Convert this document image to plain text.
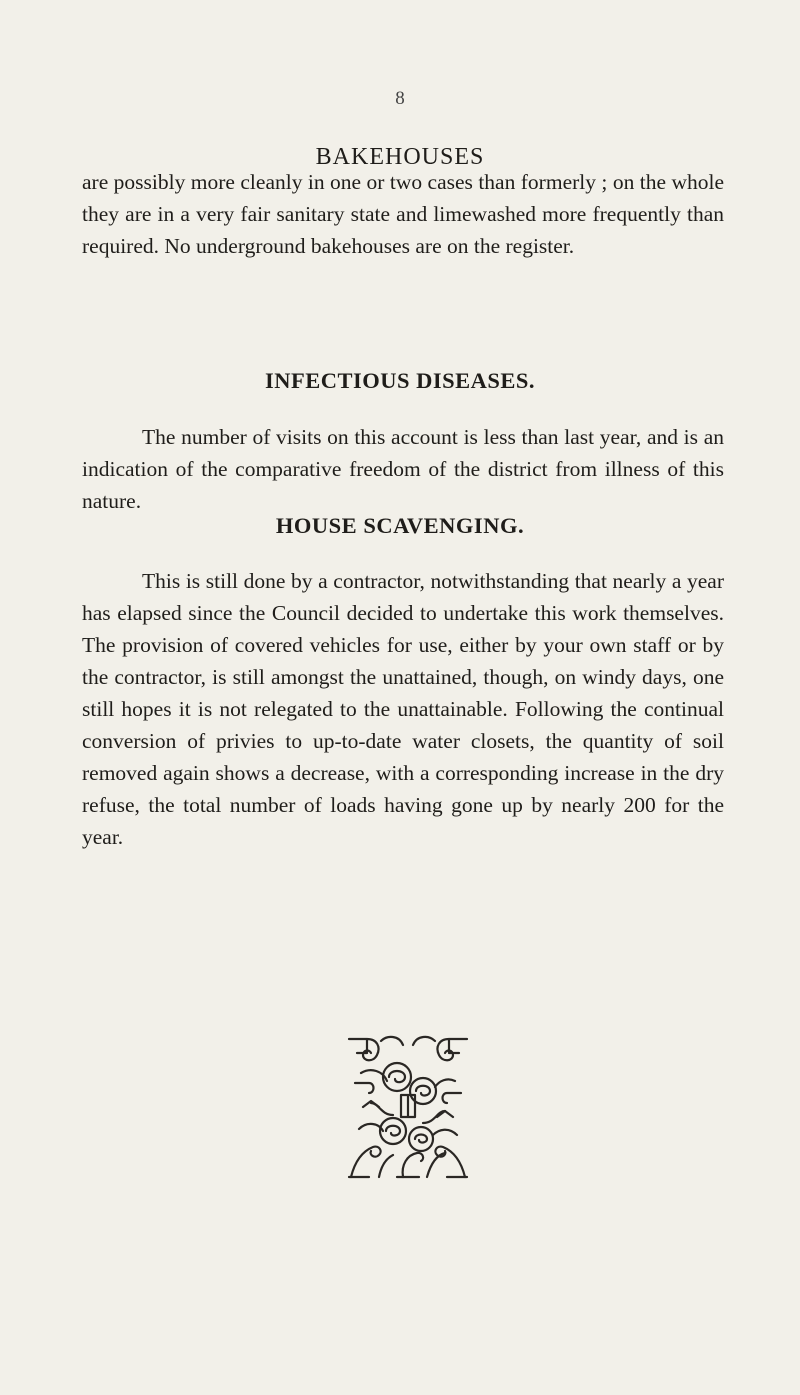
8
BAKEHOUSES

are possibly more cleanly in one or two cases than formerly ; on the whole they are in a very fair sanitary state and limewashed more frequently than required. No underground bakehouses are on the register.

INFECTIOUS DISEASES.

The number of visits on this account is less than last year, and is an indication of the comparative freedom of the district from illness of this nature.

HOUSE SCAVENGING.

This is still done by a contractor, notwithstanding that nearly a year has elapsed since the Council decided to undertake this work themselves. The provision of covered vehicles for use, either by your own staff or by the contractor, is still amongst the unattained, though, on windy days, one still hopes it is not relegated to the unattainable. Following the continual conversion of privies to up-to-date water closets, the quantity of soil removed again shows a decrease, with a corresponding increase in the dry refuse, the total number of loads having gone up by nearly 200 for the year.
